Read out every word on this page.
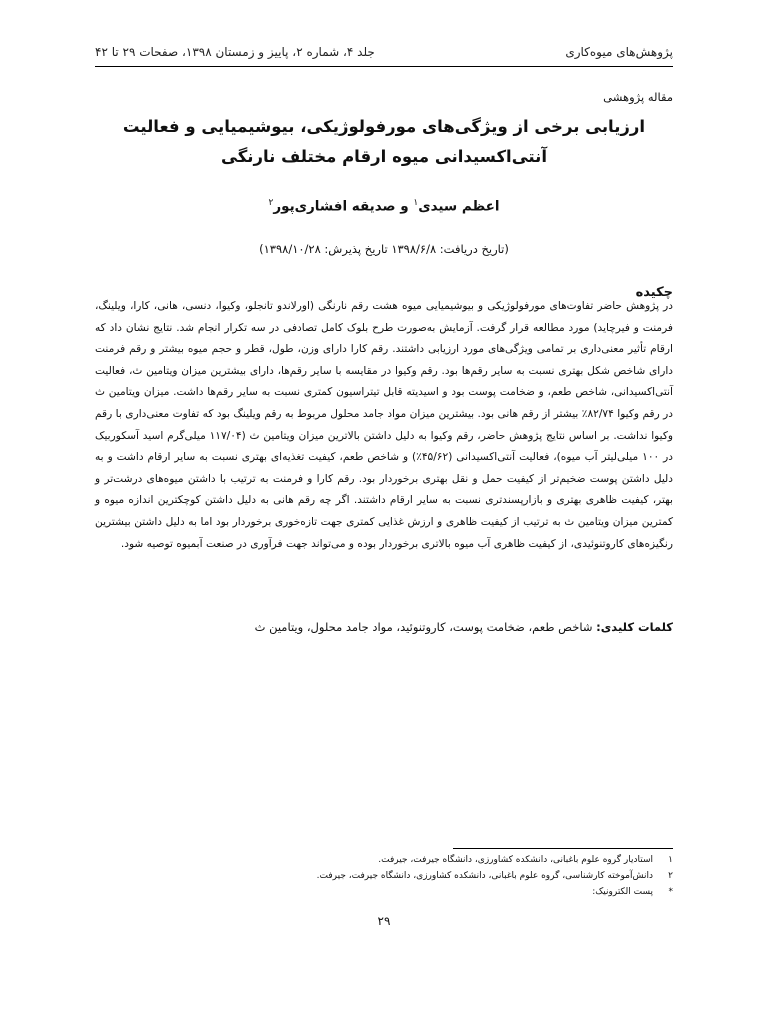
پژوهش‌های میوه‌کاری
جلد ۴، شماره ۲، پاییز و زمستان ۱۳۹۸، صفحات ۲۹ تا ۴۲
مقاله پژوهشی
ارزیابی برخی از ویژگی‌های مورفولوژیکی، بیوشیمیایی و فعالیت آنتی‌اکسیدانی میوه ارقام مختلف نارنگی
اعظم سیدی$^۱$ و صدیقه افشاری‌پور$^۲$
(تاریخ دریافت: ۱۳۹۸/۶/۸ تاریخ پذیرش: ۱۳۹۸/۱۰/۲۸)
چکیده
در پژوهش حاضر تفاوت‌های مورفولوژیکی و بیوشیمیایی میوه هشت رقم نارنگی (اورلاندو تانجلو، وکیوا، دنسی، هانی، کارا، ویلینگ، فرمنت و فیرچاید) مورد مطالعه قرار گرفت. آزمایش به‌صورت طرح بلوک کامل تصادفی در سه تکرار انجام شد. نتایج نشان داد که ارقام تأثیر معنی‌داری بر تمامی ویژگی‌های مورد ارزیابی داشتند. رقم کارا دارای وزن، طول، قطر و حجم میوه بیشتر و رقم فرمنت دارای شاخص شکل بهتری نسبت به سایر رقم‌ها بود. رقم وکیوا در مقایسه با سایر رقم‌ها، دارای بیشترین میزان ویتامین ث، فعالیت آنتی‌اکسیدانی، شاخص طعم، و ضخامت پوست بود و اسیدیته قابل تیتراسیون کمتری نسبت به سایر رقم‌ها داشت. میزان ویتامین ث در رقم وکیوا ۸۲/۷۴٪ بیشتر از رقم هانی بود. بیشترین میزان مواد جامد محلول مربوط به رقم ویلینگ بود که تفاوت معنی‌داری با رقم وکیوا نداشت. بر اساس نتایج پژوهش حاضر، رقم وکیوا به دلیل داشتن بالاترین میزان ویتامین ث (۱۱۷/۰۴ میلی‌گرم اسید آسکوربیک در ۱۰۰ میلی‌لیتر آب میوه)، فعالیت آنتی‌اکسیدانی (۴۵/۶۲٪) و شاخص طعم، کیفیت تغذیه‌ای بهتری نسبت به سایر ارقام داشت و به دلیل داشتن پوست ضخیم‌تر از کیفیت حمل و نقل بهتری برخوردار بود. رقم کارا و فرمنت به ترتیب با داشتن میوه‌های درشت‌تر و بهتر، کیفیت ظاهری بهتری و بازارپسندتری نسبت به سایر ارقام داشتند. اگر چه رقم هانی به دلیل داشتن کوچکترین اندازه میوه و کمترین میزان ویتامین ث به ترتیب از کیفیت ظاهری و ارزش غذایی کمتری جهت تازه‌خوری برخوردار بود اما به دلیل داشتن بیشترین رنگیزه‌های کاروتنوئیدی، از کیفیت ظاهری آب میوه بالاتری برخوردار بوده و می‌تواند جهت فرآوری در صنعت آبمیوه توصیه شود.
کلمات کلیدی: شاخص طعم، ضخامت پوست، کاروتنوئید، مواد جامد محلول، ویتامین ث
۱
استادیار گروه علوم باغبانی، دانشکده کشاورزی، دانشگاه جیرفت، جیرفت.
۲
دانش‌آموخته کارشناسی، گروه علوم باغبانی، دانشکده کشاورزی، دانشگاه جیرفت، جیرفت.
*
پست الکترونیک:
۲۹
